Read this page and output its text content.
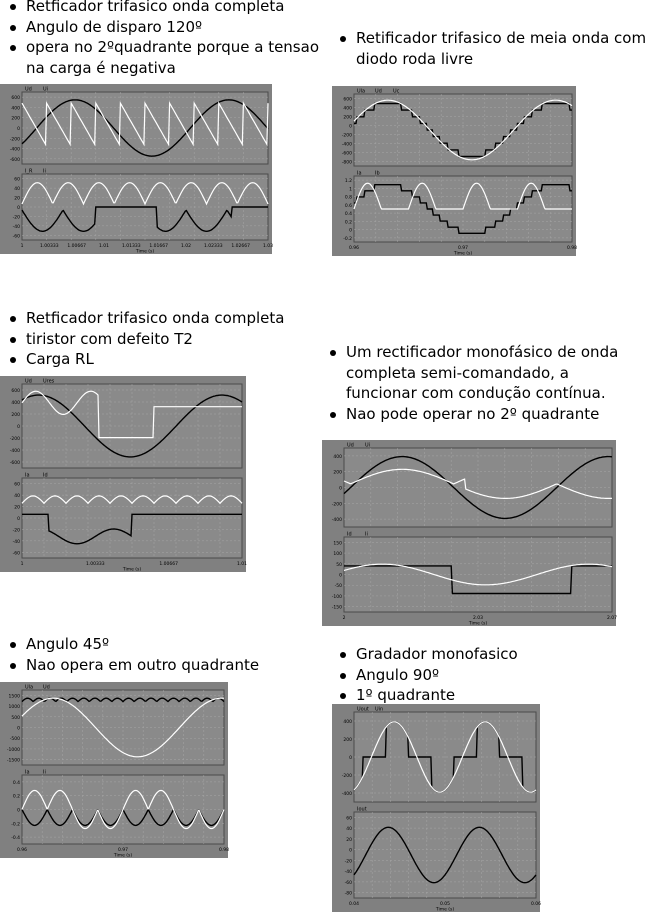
Retficador trifasico onda completa
Angulo de disparo 120º
opera no 2ºquadrante porque a tensao
na carga é negativa
Retificador trifasico de meia onda com
diodo roda livre
Retficador trifasico onda completa
tiristor com defeito T2
Carga RL	Um rectificador monofásico de onda
completa semi-comandado, a
funcionar com condução contínua.
Nao pode operar no 2º quadrante
Angulo 45º
Nao opera em outro quadrante
Gradador monofasico
Angulo 90º
1º quadrante
600
400
200
0
-200
-400
-600
Ud Ui
60
40
20
0
-20
-40
-60
I_R Ii
1	1.00333 1.00667	1.01	1.01333 1.01667	1.02	1.02333 1.02667	1.03
Time (s)
600
400
200
0
-200
-400
-600
-800
Ula Ud Uc
1.2
1
0.8
0.6
0.4
0.2
0
-0.2
Ia	Ib
0.96	0.97	0.98
Time (s)
600
400
200
0
-200
-400
-600
Ud Ures
60
40
20
0
-20
-40
-60
Ia	Id
1	1.00333	1.00667	1.01
Time (s)
400
200
0
-200
-400
Ud Ui
150
100
50
0
-50
-100
-150
Id	Ii
2	2.03	2.07
Time (s)
1500
1000
500
0
-500
-1000
-1500
Ula Ud
0.4
0.2
0
-0.2
-0.4
Ia	Ii
0.96	0.97	0.98
Time (s)
400
200
0
-200
-400
Uout Uin
60
40
20
0
-20
-40
-60
-80
Iout
0.04	0.05	0.06
Time (s)
